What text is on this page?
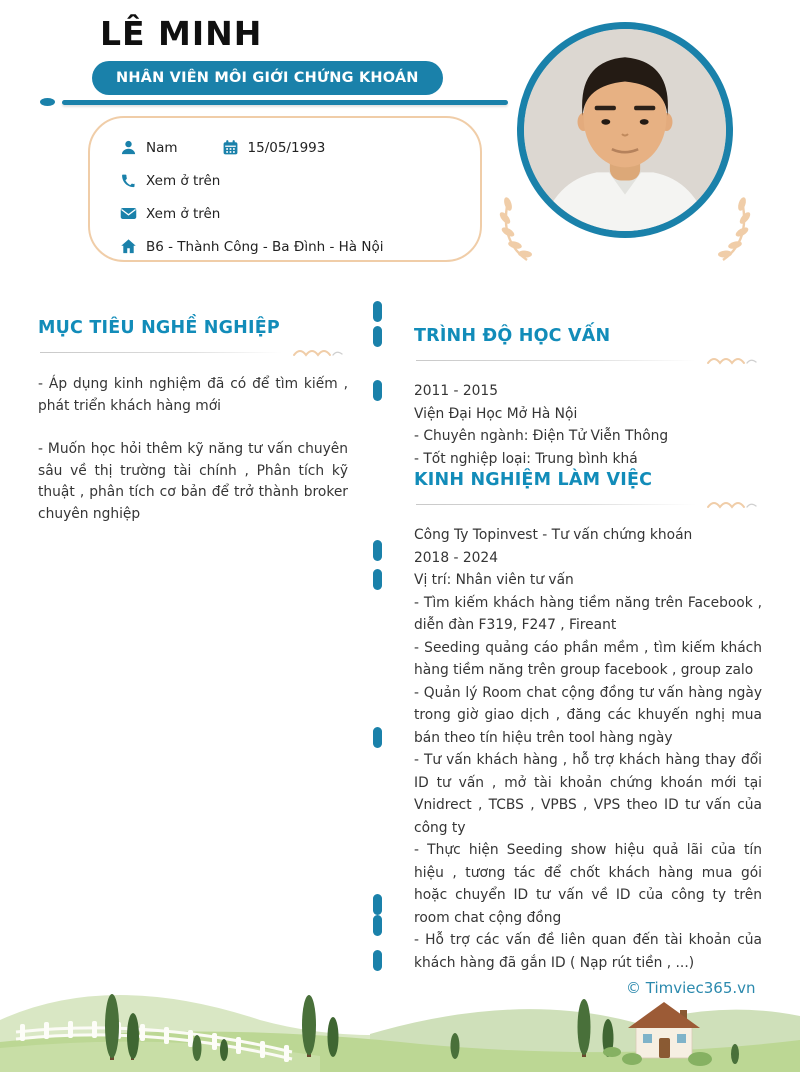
LÊ MINH
NHÂN VIÊN MÔI GIỚI CHỨNG KHOÁN
Nam	15/05/1993
Xem ở trên
Xem ở trên
B6 - Thành Công - Ba Đình - Hà Nội
MỤC TIÊU NGHỀ NGHIỆP

- Áp dụng kinh nghiệm đã có để tìm kiếm , phát triển khách hàng mới

- Muốn học hỏi thêm kỹ năng tư vấn chuyên sâu về thị trường tài chính , Phân tích kỹ thuật , phân tích cơ bản để trở thành broker chuyên nghiệp

TRÌNH ĐỘ HỌC VẤN

2011 - 2015

Viện Đại Học Mở Hà Nội

- Chuyên ngành: Điện Tử Viễn Thông

- Tốt nghiệp loại: Trung bình khá

KINH NGHIỆM LÀM VIỆC

Công Ty Topinvest - Tư vấn chứng khoán

2018 - 2024

Vị trí: Nhân viên tư vấn

- Tìm kiếm khách hàng tiềm năng trên Facebook , diễn đàn F319, F247 , Fireant

- Seeding quảng cáo phần mềm , tìm kiếm khách hàng tiềm năng trên group facebook , group zalo

- Quản lý Room chat cộng đồng tư vấn hàng ngày trong giờ giao dịch , đăng các khuyến nghị mua bán theo tín hiệu trên tool hàng ngày

- Tư vấn khách hàng , hỗ trợ khách hàng thay đổi ID tư vấn , mở tài khoản chứng khoán mới tại Vnidrect , TCBS , VPBS , VPS theo ID tư vấn của công ty

- Thực hiện Seeding show hiệu quả lãi của tín hiệu , tương tác để chốt khách hàng mua gói hoặc chuyển ID tư vấn về ID của công ty trên room chat cộng đồng

- Hỗ trợ các vấn đề liên quan đến tài khoản của khách hàng đã gắn ID ( Nạp rút tiền , ...)

© Timviec365.vn
